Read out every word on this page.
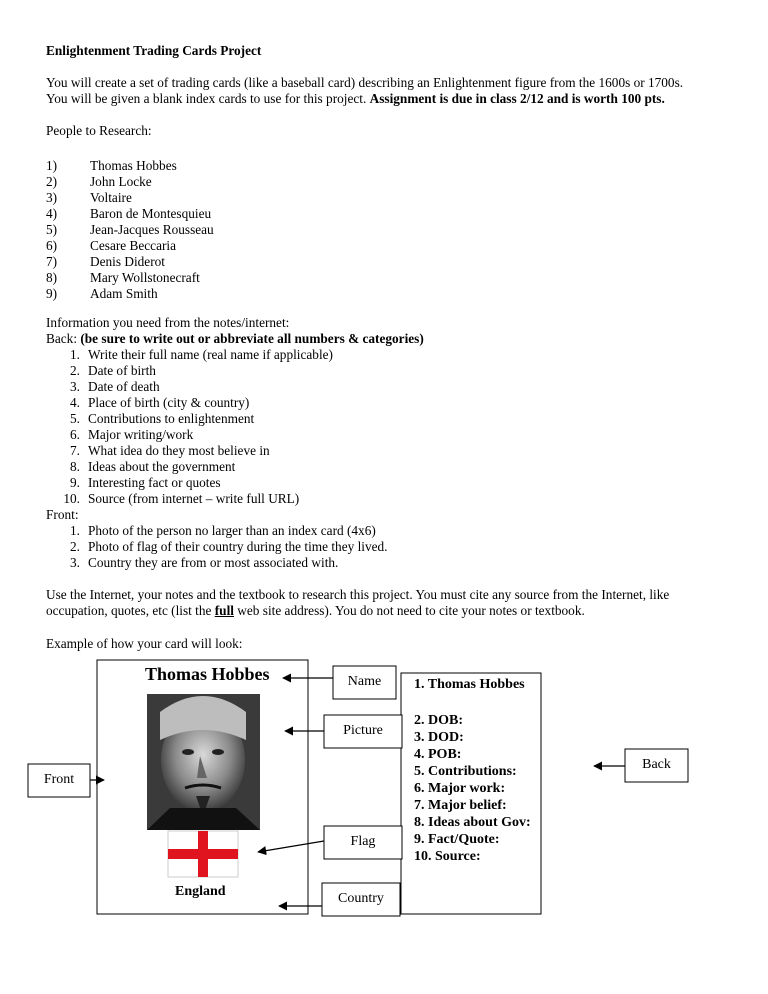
Enlightenment Trading Cards Project
You will create a set of trading cards (like a baseball card) describing an Enlightenment figure from the 1600s or 1700s.
You will be given a blank index cards to use for this project. Assignment is due in class 2/12 and is worth 100 pts.
People to Research:
1) Thomas Hobbes
2) John Locke
3) Voltaire
4) Baron de Montesquieu
5) Jean-Jacques Rousseau
6) Cesare Beccaria
7) Denis Diderot
8) Mary Wollstonecraft
9) Adam Smith
Information you need from the notes/internet:
Back: (be sure to write out or abbreviate all numbers & categories)
1. Write their full name (real name if applicable)
2. Date of birth
3. Date of death
4. Place of birth (city & country)
5. Contributions to enlightenment
6. Major writing/work
7. What idea do they most believe in
8. Ideas about the government
9. Interesting fact or quotes
10. Source (from internet – write full URL)
Front:
1. Photo of the person no larger than an index card (4x6)
2. Photo of flag of their country during the time they lived.
3. Country they are from or most associated with.
Use the Internet, your notes and the textbook to research this project. You must cite any source from the Internet, like
occupation, quotes, etc (list the full web site address). You do not need to cite your notes or textbook.
Example of how your card will look:
Thomas Hobbes
England
Name
Picture
Flag
Country
Front
Back
1. Thomas Hobbes
2. DOB:
3. DOD:
4. POB:
5. Contributions:
6. Major work:
7. Major belief:
8. Ideas about Gov:
9. Fact/Quote:
10. Source:
